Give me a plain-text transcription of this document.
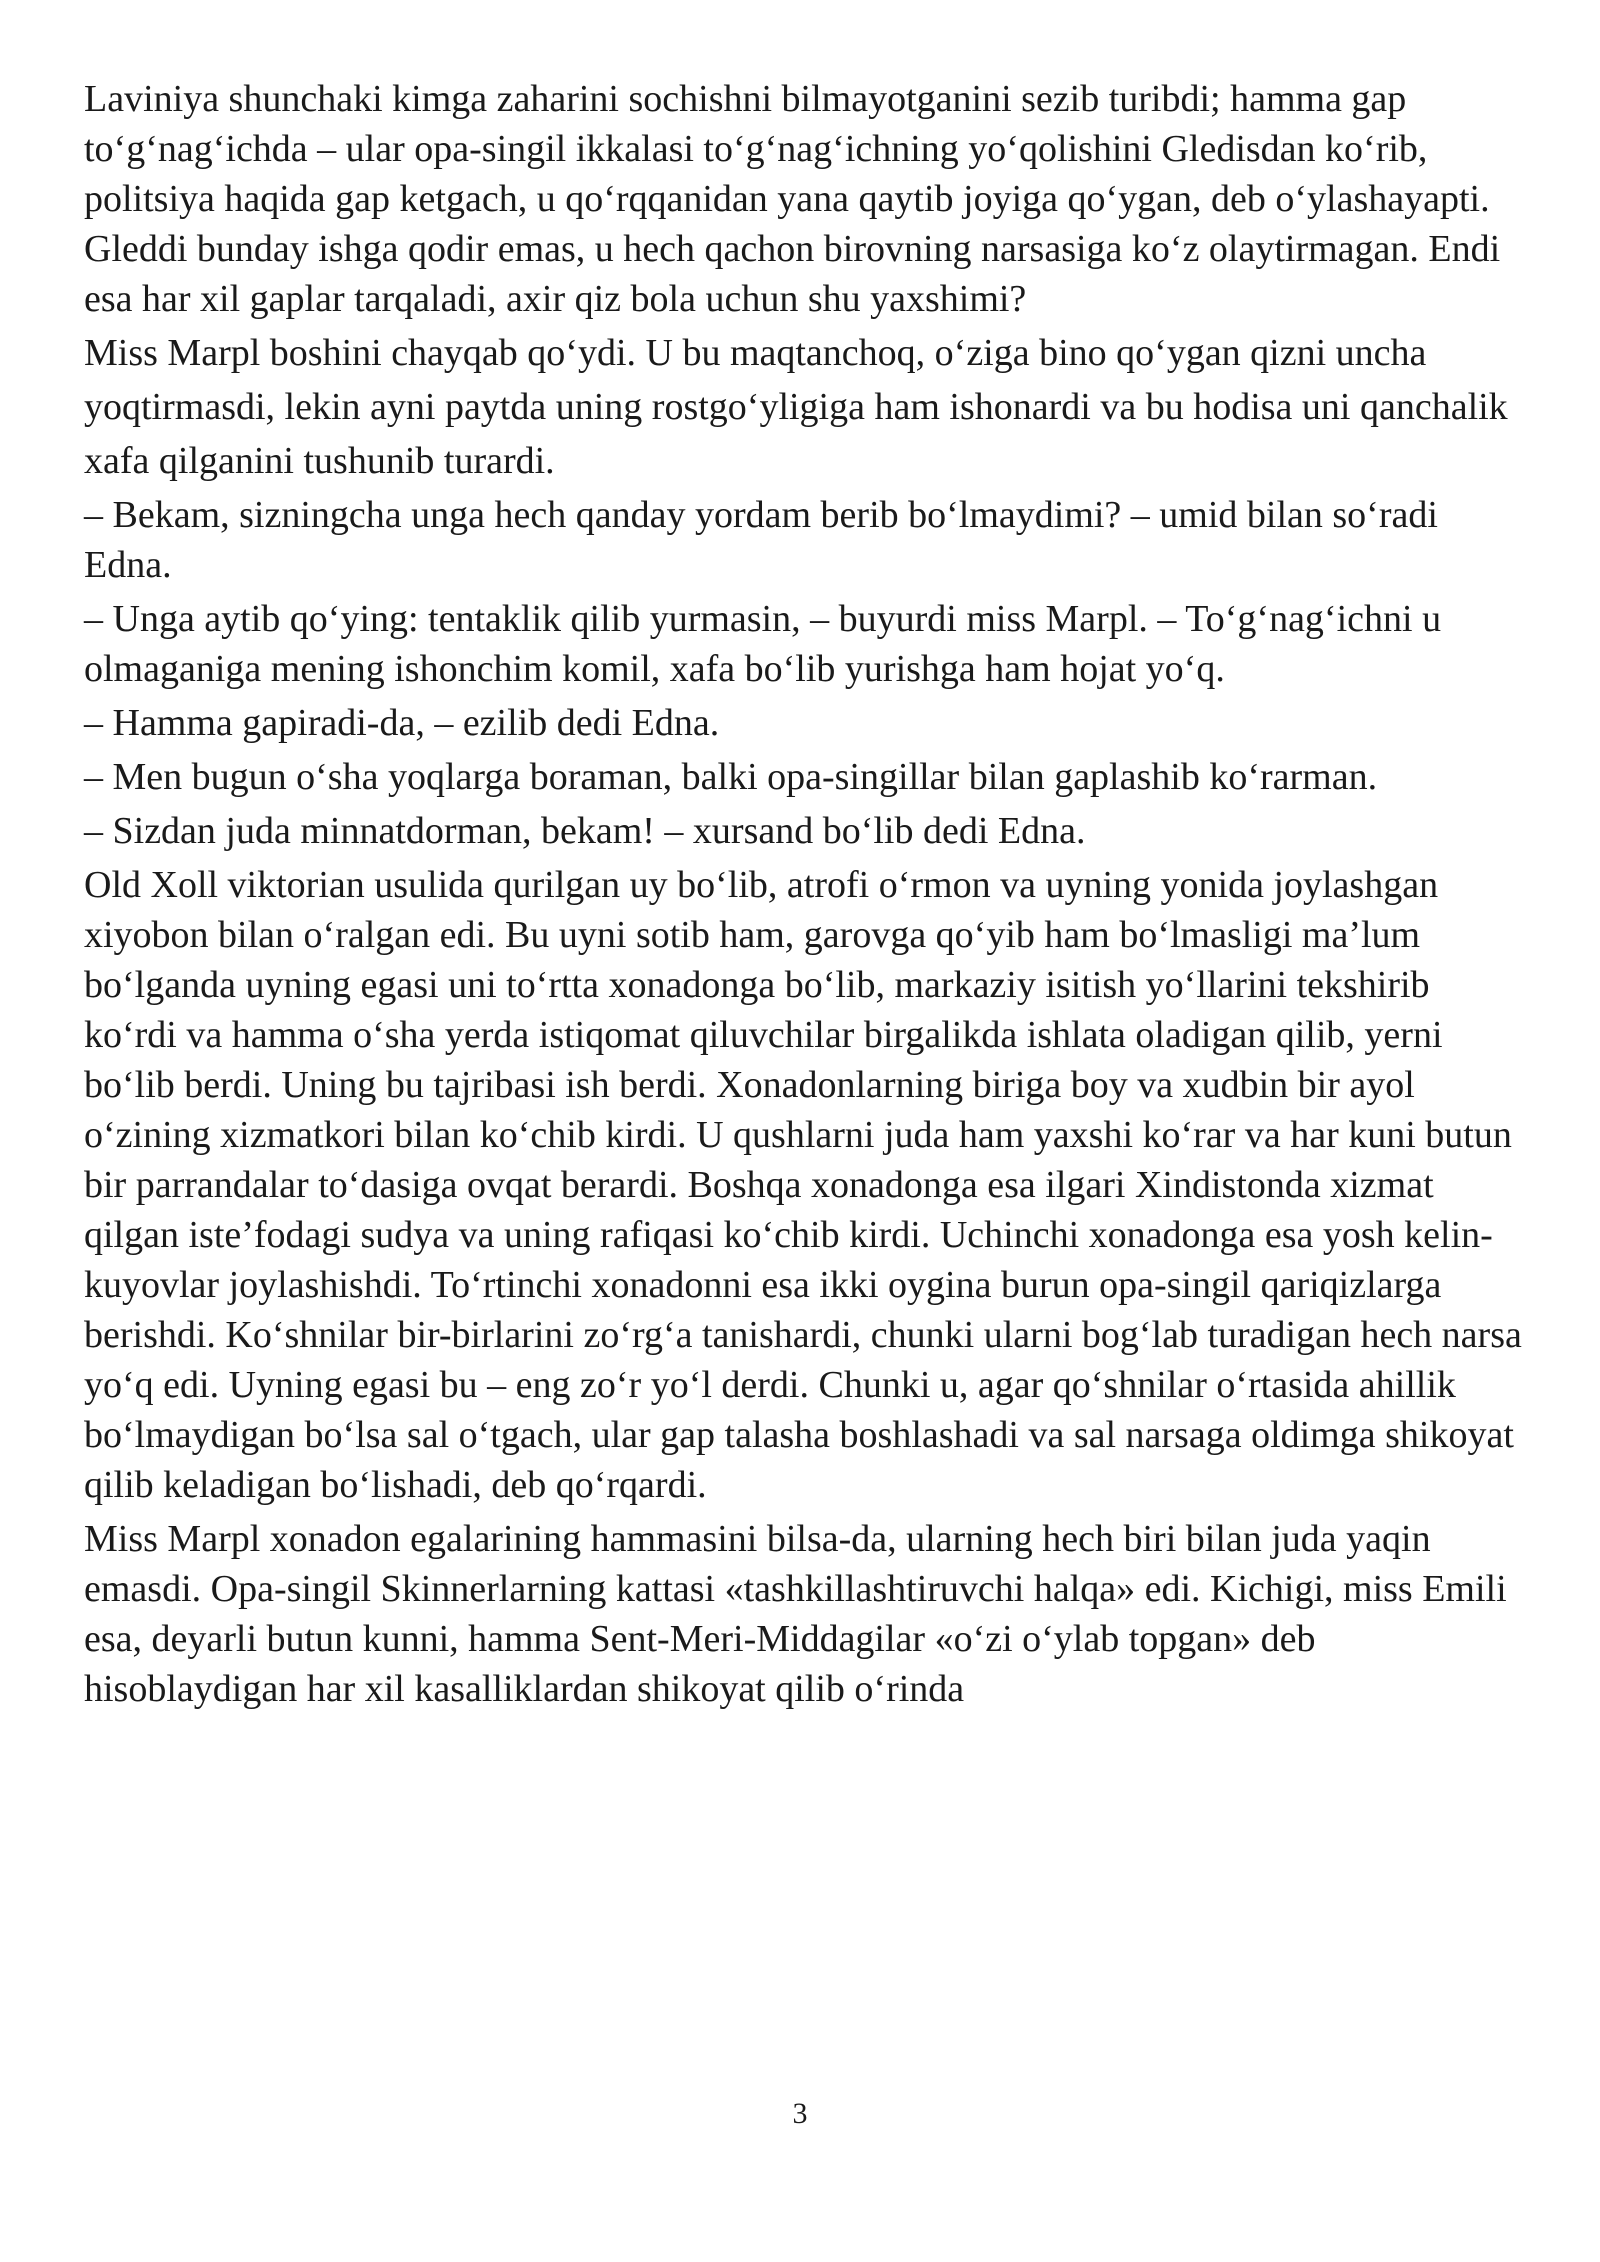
Laviniya shunchaki kimga zaharini sochishni bilmayotganini sezib turibdi; hamma gap to‘g‘nag‘ichda – ular opa-singil ikkalasi to‘g‘nag‘ichning yo‘qolishini Gledisdan ko‘rib, politsiya haqida gap ketgach, u qo‘rqqanidan yana qaytib joyiga qo‘ygan, deb o‘ylashayapti. Gleddi bunday ishga qodir emas, u hech qachon birovning narsasiga ko‘z olaytirmagan. Endi esa har xil gaplar tarqaladi, axir qiz bola uchun shu yaxshimi?

Miss Marpl boshini chayqab qo‘ydi. U bu maqtanchoq, o‘ziga bino qo‘ygan qizni uncha

yoqtirmasdi, lekin ayni paytda uning rostgo‘yligiga ham ishonardi va bu hodisa uni qanchalik

xafa qilganini tushunib turardi.

– Bekam, sizningcha unga hech qanday yordam berib bo‘lmaydimi? – umid bilan so‘radi Edna.

– Unga aytib qo‘ying: tentaklik qilib yurmasin, – buyurdi miss Marpl. – To‘g‘nag‘ichni u olmaganiga mening ishonchim komil, xafa bo‘lib yurishga ham hojat yo‘q.

– Hamma gapiradi-da, – ezilib dedi Edna.

– Men bugun o‘sha yoqlarga boraman, balki opa-singillar bilan gaplashib ko‘rarman.

– Sizdan juda minnatdorman, bekam! – xursand bo‘lib dedi Edna.

Old Xoll viktorian usulida qurilgan uy bo‘lib, atrofi o‘rmon va uyning yonida joylashgan xiyobon bilan o‘ralgan edi. Bu uyni sotib ham, garovga qo‘yib ham bo‘lmasligi ma’lum bo‘lganda uyning egasi uni to‘rtta xonadonga bo‘lib, markaziy isitish yo‘llarini tekshirib ko‘rdi va hamma o‘sha yerda istiqomat qiluvchilar birgalikda ishlata oladigan qilib, yerni bo‘lib berdi. Uning bu tajribasi ish berdi. Xonadonlarning biriga boy va xudbin bir ayol o‘zining xizmatkori bilan ko‘chib kirdi. U qushlarni juda ham yaxshi ko‘rar va har kuni butun bir parrandalar to‘dasiga ovqat berardi. Boshqa xonadonga esa ilgari Xindistonda xizmat qilgan iste’fodagi sudya va uning rafiqasi ko‘chib kirdi. Uchinchi xonadonga esa yosh kelin-kuyovlar joylashishdi. To‘rtinchi xonadonni esa ikki oygina burun opa-singil qariqizlarga berishdi. Ko‘shnilar bir-birlarini zo‘rg‘a tanishardi, chunki ularni bog‘lab turadigan hech narsa yo‘q edi. Uyning egasi bu – eng zo‘r yo‘l derdi. Chunki u, agar qo‘shnilar o‘rtasida ahillik bo‘lmaydigan bo‘lsa sal o‘tgach, ular gap talasha boshlashadi va sal narsaga oldimga shikoyat qilib keladigan bo‘lishadi, deb qo‘rqardi.

Miss Marpl xonadon egalarining hammasini bilsa-da, ularning hech biri bilan juda yaqin emasdi. Opa-singil Skinnerlarning kattasi «tashkillashtiruvchi halqa» edi. Kichigi, miss Emili esa, deyarli butun kunni, hamma Sent-Meri-Middagilar «o‘zi o‘ylab topgan» deb hisoblaydigan har xil kasalliklardan shikoyat qilib o‘rinda

3
